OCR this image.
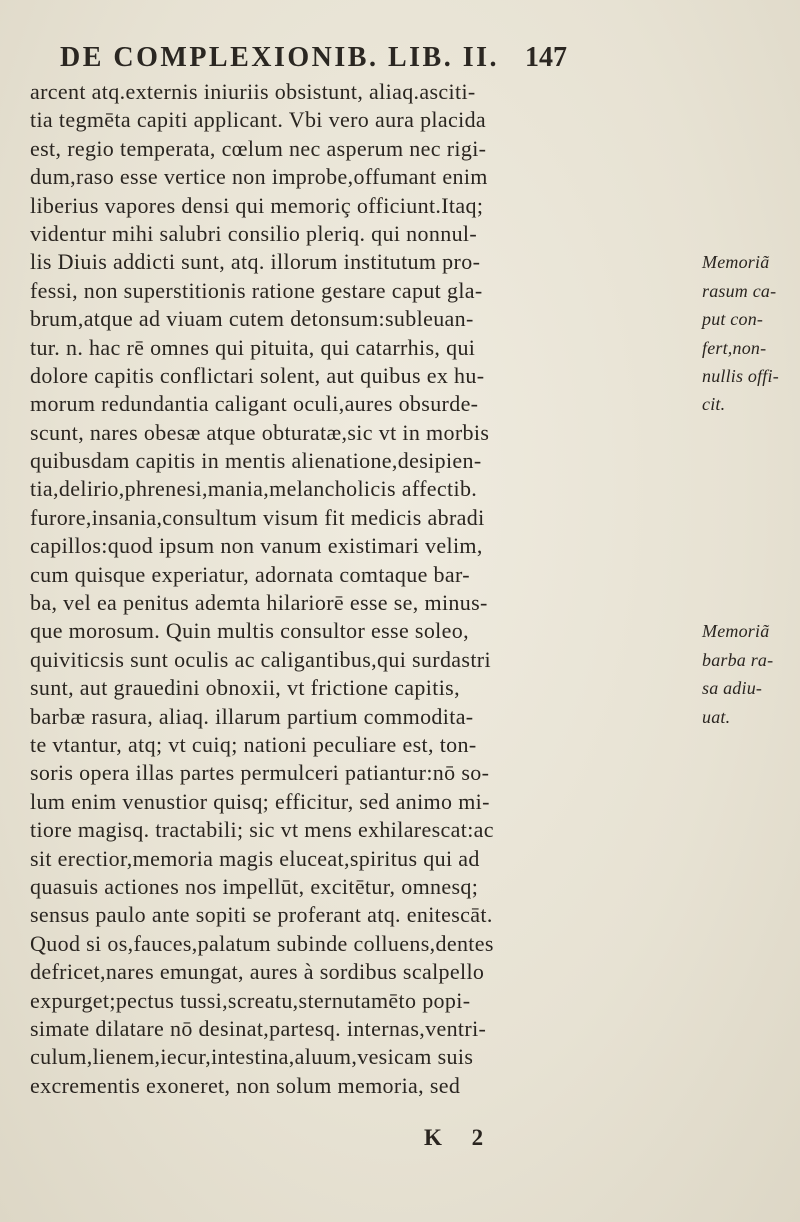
DE COMPLEXIONIB. LIB. II. 147
arcent atq.externis iniuriis obsistunt, aliaq.asciti-
tia tegmēta capiti applicant. Vbi vero aura placida
est, regio temperata, cœlum nec asperum nec rigi-
dum,raso esse vertice non improbe,offumant enim
liberius vapores densi qui memoriç officiunt.Itaq;
videntur mihi salubri consilio pleriq. qui nonnul-
lis Diuis addicti sunt, atq. illorum institutum pro-	Memoriã
fessi, non superstitionis ratione gestare caput gla-	rasum ca-
brum,atque ad viuam cutem detonsum:subleuan-	put con-
tur. n. hac rē omnes qui pituita, qui catarrhis, qui	fert,non-
dolore capitis conflictari solent, aut quibus ex hu-	nullis offi-
morum redundantia caligant oculi,aures obsurde-	cit.
scunt, nares obesæ atque obturatæ,sic vt in morbis
quibusdam capitis in mentis alienatione,desipien-
tia,delirio,phrenesi,mania,melancholicis affectib.
furore,insania,consultum visum fit medicis abradi
capillos:quod ipsum non vanum existimari velim,
cum quisque experiatur, adornata comtaque bar-
ba, vel ea penitus ademta hilariorē esse se, minus-
que morosum. Quin multis consultor esse soleo,	Memoriã
quiviticsis sunt oculis ac caligantibus,qui surdastri	barba ra-
sunt, aut grauedini obnoxii, vt frictione capitis,	sa adiu-
barbæ rasura, aliaq. illarum partium commodita-	uat.
te vtantur, atq; vt cuiq; nationi peculiare est, ton-
soris opera illas partes permulceri patiantur:nō so-
lum enim venustior quisq; efficitur, sed animo mi-
tiore magisq. tractabili; sic vt mens exhilarescat:ac
sit erectior,memoria magis eluceat,spiritus qui ad
quasuis actiones nos impellūt, excitētur, omnesq;
sensus paulo ante sopiti se proferant atq. enitescāt.
Quod si os,fauces,palatum subinde colluens,dentes
defricet,nares emungat, aures à sordibus scalpello
expurget;pectus tussi,screatu,sternutamēto popi-
simate dilatare nō desinat,partesq. internas,ventri-
culum,lienem,iecur,intestina,aluum,vesicam suis
excrementis exoneret, non solum memoria, sed
K 2
